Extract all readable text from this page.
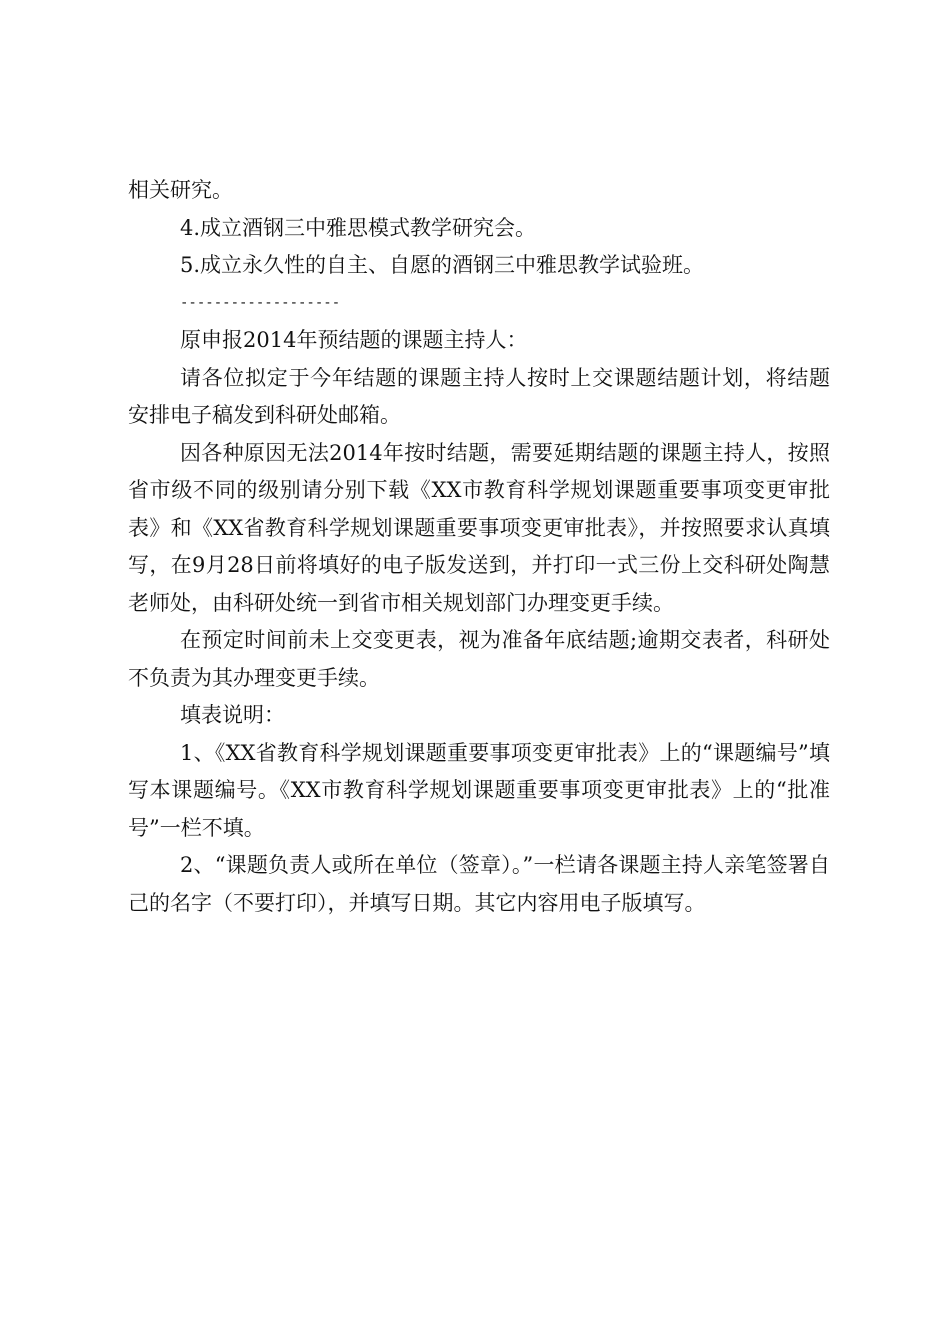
相关研究。

4.成立酒钢三中雅思模式教学研究会。

5.成立永久性的自主、自愿的酒钢三中雅思教学试验班。

-------------------

原申报2014年预结题的课题主持人：

请各位拟定于今年结题的课题主持人按时上交课题结题计划，将结题安排电子稿发到科研处邮箱。

因各种原因无法2014年按时结题，需要延期结题的课题主持人，按照省市级不同的级别请分别下载《XX市教育科学规划课题重要事项变更审批表》和《XX省教育科学规划课题重要事项变更审批表》，并按照要求认真填写，在9月28日前将填好的电子版发送到，并打印一式三份上交科研处陶慧老师处，由科研处统一到省市相关规划部门办理变更手续。

在预定时间前未上交变更表，视为准备年底结题;逾期交表者，科研处不负责为其办理变更手续。

填表说明：

1、《XX省教育科学规划课题重要事项变更审批表》上的“课题编号”填写本课题编号。《XX市教育科学规划课题重要事项变更审批表》上的“批准号”一栏不填。

2、“课题负责人或所在单位（签章）。”一栏请各课题主持人亲笔签署自己的名字（不要打印），并填写日期。其它内容用电子版填写。
